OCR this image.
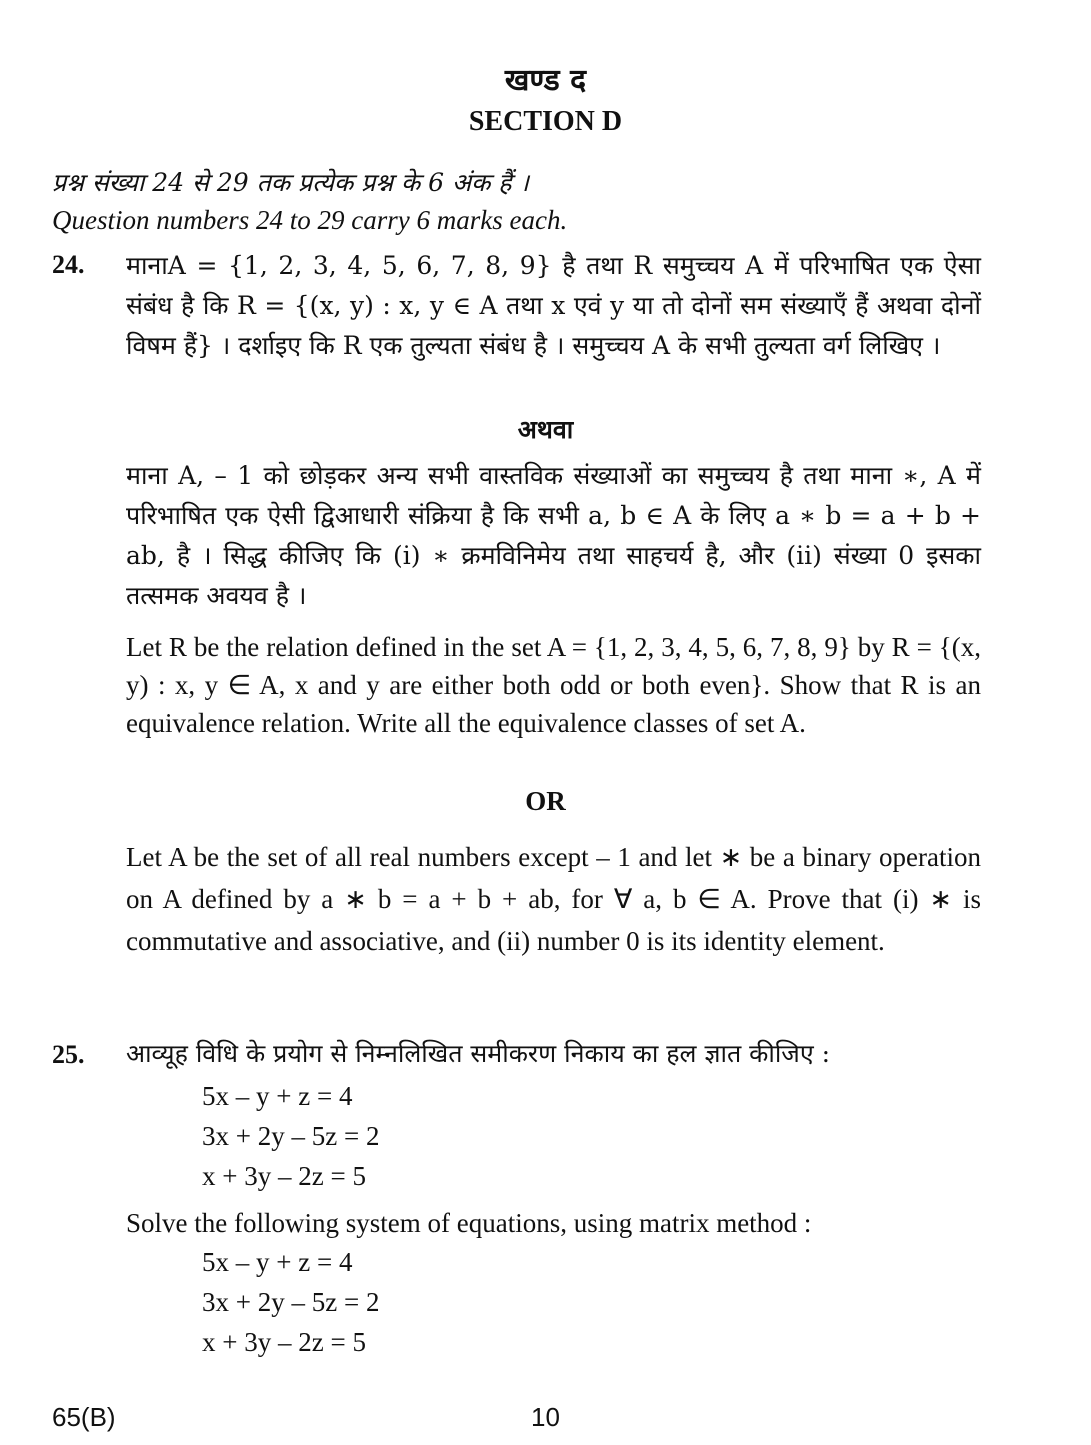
खण्ड द
SECTION D
प्रश्न संख्या 24 से 29 तक प्रत्येक प्रश्न के 6 अंक हैं ।
Question numbers 24 to 29 carry 6 marks each.
24. मानाA = {1, 2, 3, 4, 5, 6, 7, 8, 9} है तथा R समुच्चय A में परिभाषित एक ऐसा संबंध है कि R = {(x, y) : x, y ∈ A तथा x एवं y या तो दोनों सम संख्याएँ हैं अथवा दोनों विषम हैं} । दर्शाइए कि R एक तुल्यता संबंध है । समुच्चय A के सभी तुल्यता वर्ग लिखिए ।
अथवा
माना A, – 1 को छोड़कर अन्य सभी वास्तविक संख्याओं का समुच्चय है तथा माना ∗, A में परिभाषित एक ऐसी द्विआधारी संक्रिया है कि सभी a, b ∈ A के लिए a ∗ b = a + b + ab, है । सिद्ध कीजिए कि (i) ∗ क्रमविनिमेय तथा साहचर्य है, और (ii) संख्या 0 इसका तत्समक अवयव है ।
Let R be the relation defined in the set A = {1, 2, 3, 4, 5, 6, 7, 8, 9} by R = {(x, y) : x, y ∈ A, x and y are either both odd or both even}. Show that R is an equivalence relation. Write all the equivalence classes of set A.
OR
Let A be the set of all real numbers except – 1 and let ∗ be a binary operation on A defined by a ∗ b = a + b + ab, for ∀ a, b ∈ A. Prove that (i) ∗ is commutative and associative, and (ii) number 0 is its identity element.
25. आव्यूह विधि के प्रयोग से निम्नलिखित समीकरण निकाय का हल ज्ञात कीजिए :
5x – y + z = 4
3x + 2y – 5z = 2
x + 3y – 2z = 5
Solve the following system of equations, using matrix method :
5x – y + z = 4
3x + 2y – 5z = 2
x + 3y – 2z = 5
65(B)	10
